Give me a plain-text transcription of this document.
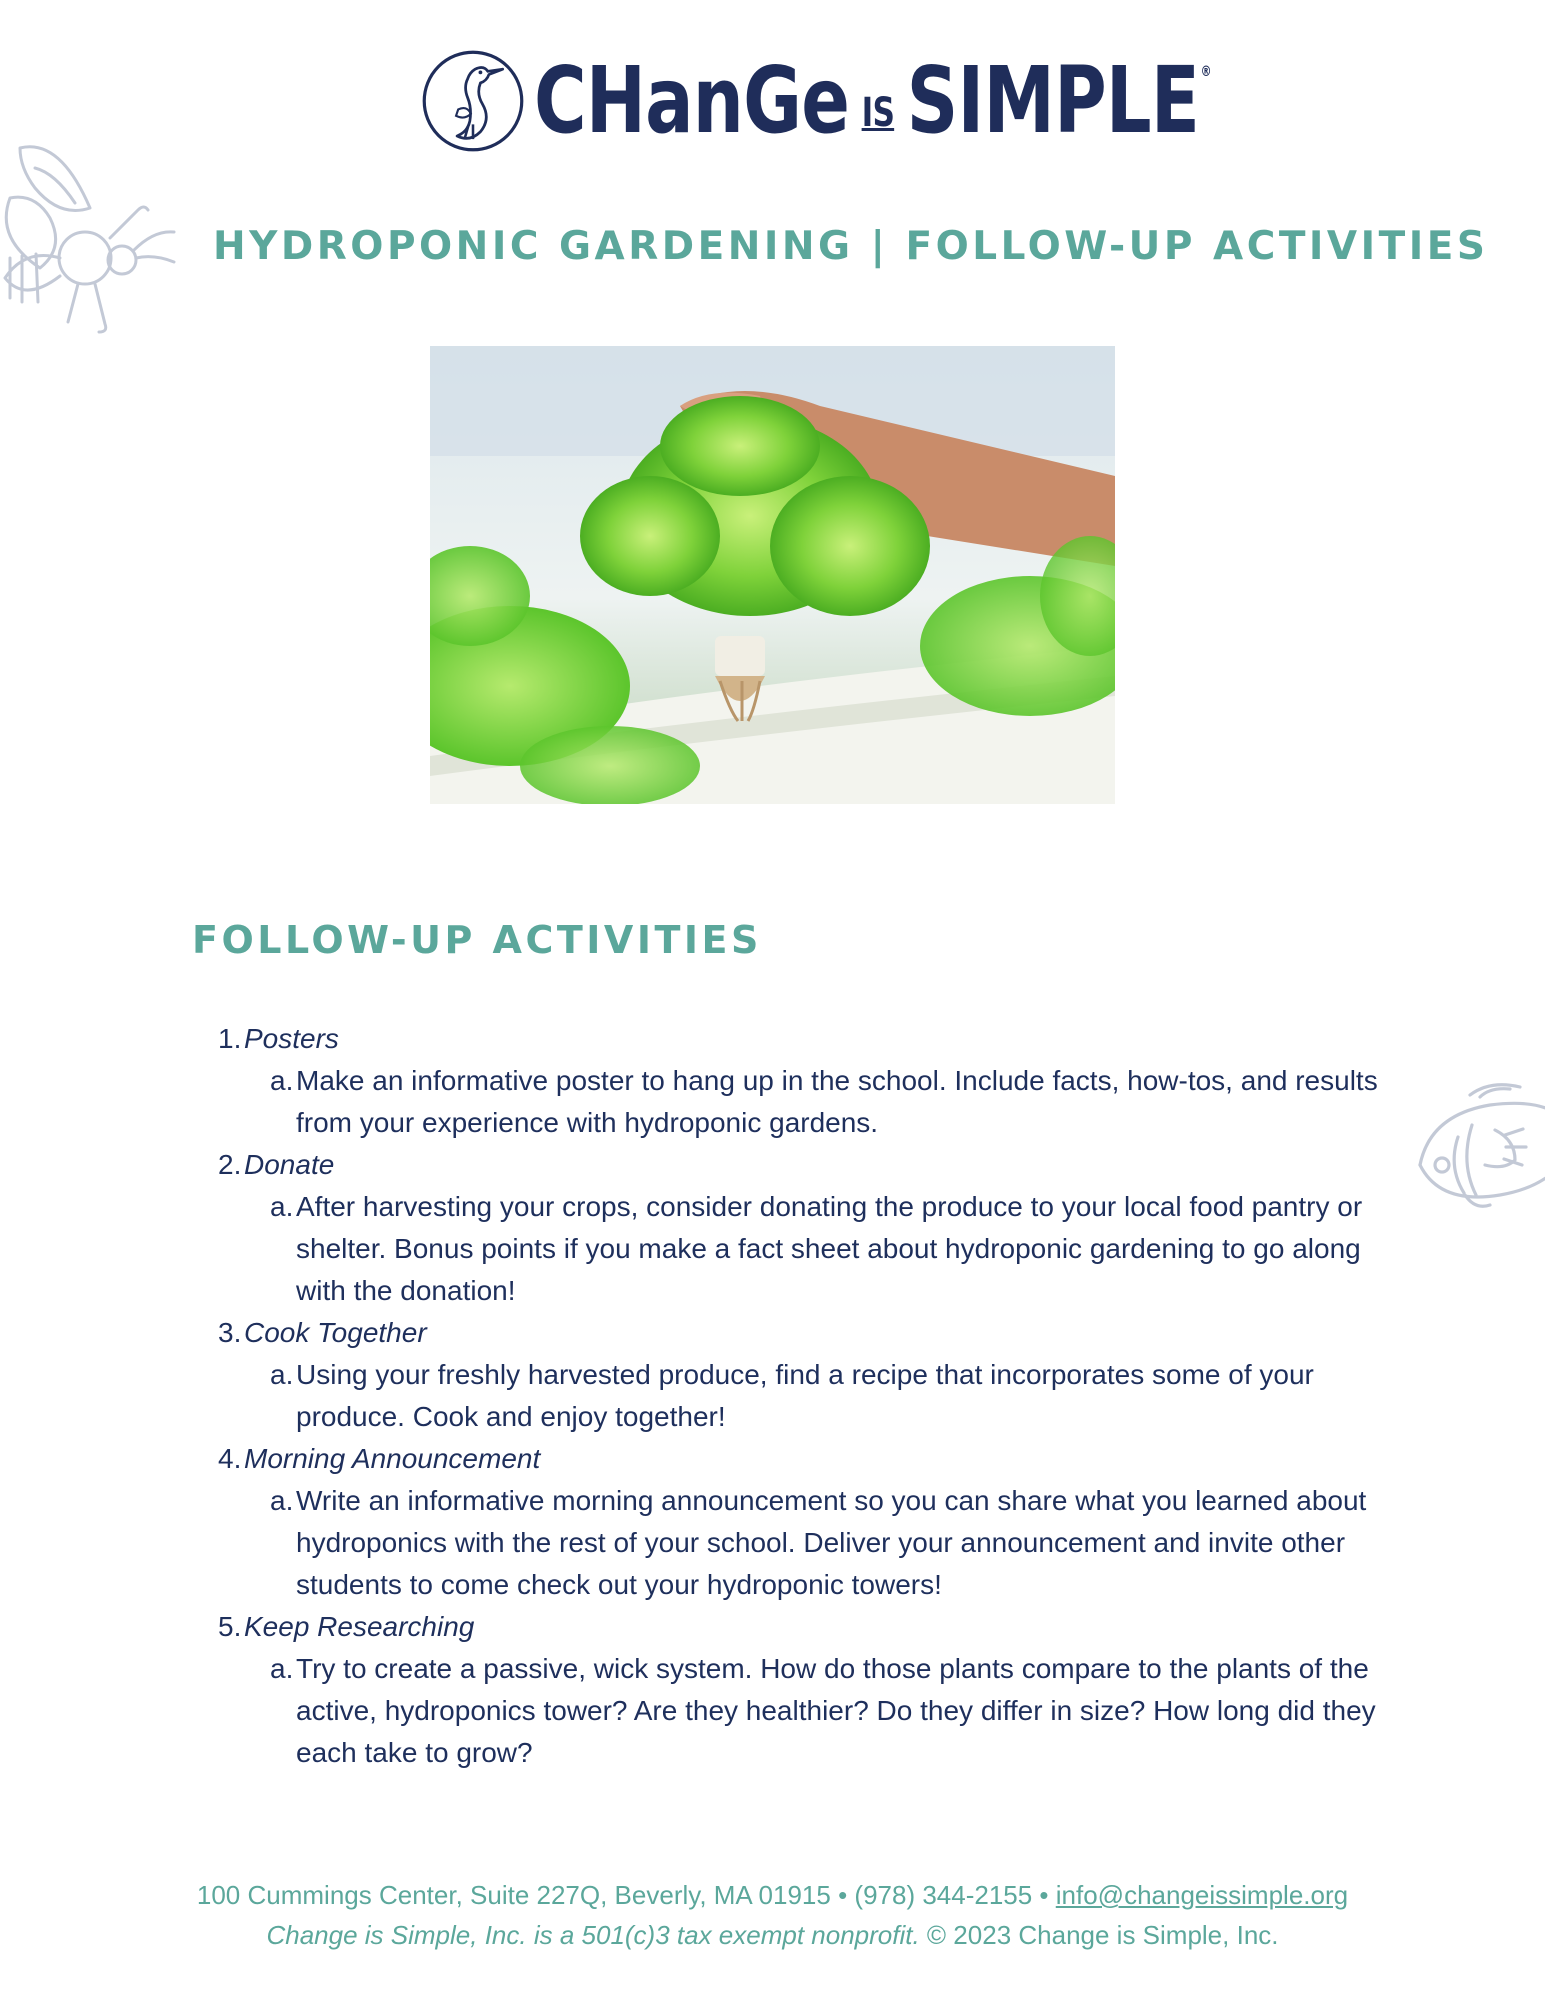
CHanGe IS SIMPLE ®
HYDROPONIC GARDENING | FOLLOW-UP ACTIVITIES
FOLLOW-UP ACTIVITIES
1. Posters
a. Make an informative poster to hang up in the school. Include facts, how-tos, and results from your experience with hydroponic gardens.
2. Donate
a. After harvesting your crops, consider donating the produce to your local food pantry or shelter. Bonus points if you make a fact sheet about hydroponic gardening to go along with the donation!
3. Cook Together
a. Using your freshly harvested produce, find a recipe that incorporates some of your produce. Cook and enjoy together!
4. Morning Announcement
a. Write an informative morning announcement so you can share what you learned about hydroponics with the rest of your school. Deliver your announcement and invite other students to come check out your hydroponic towers!
5. Keep Researching
a. Try to create a passive, wick system. How do those plants compare to the plants of the active, hydroponics tower? Are they healthier? Do they differ in size? How long did they each take to grow?
100 Cummings Center, Suite 227Q, Beverly, MA 01915 • (978) 344-2155 • info@changeissimple.org
Change is Simple, Inc. is a 501(c)3 tax exempt nonprofit. © 2023 Change is Simple, Inc.
